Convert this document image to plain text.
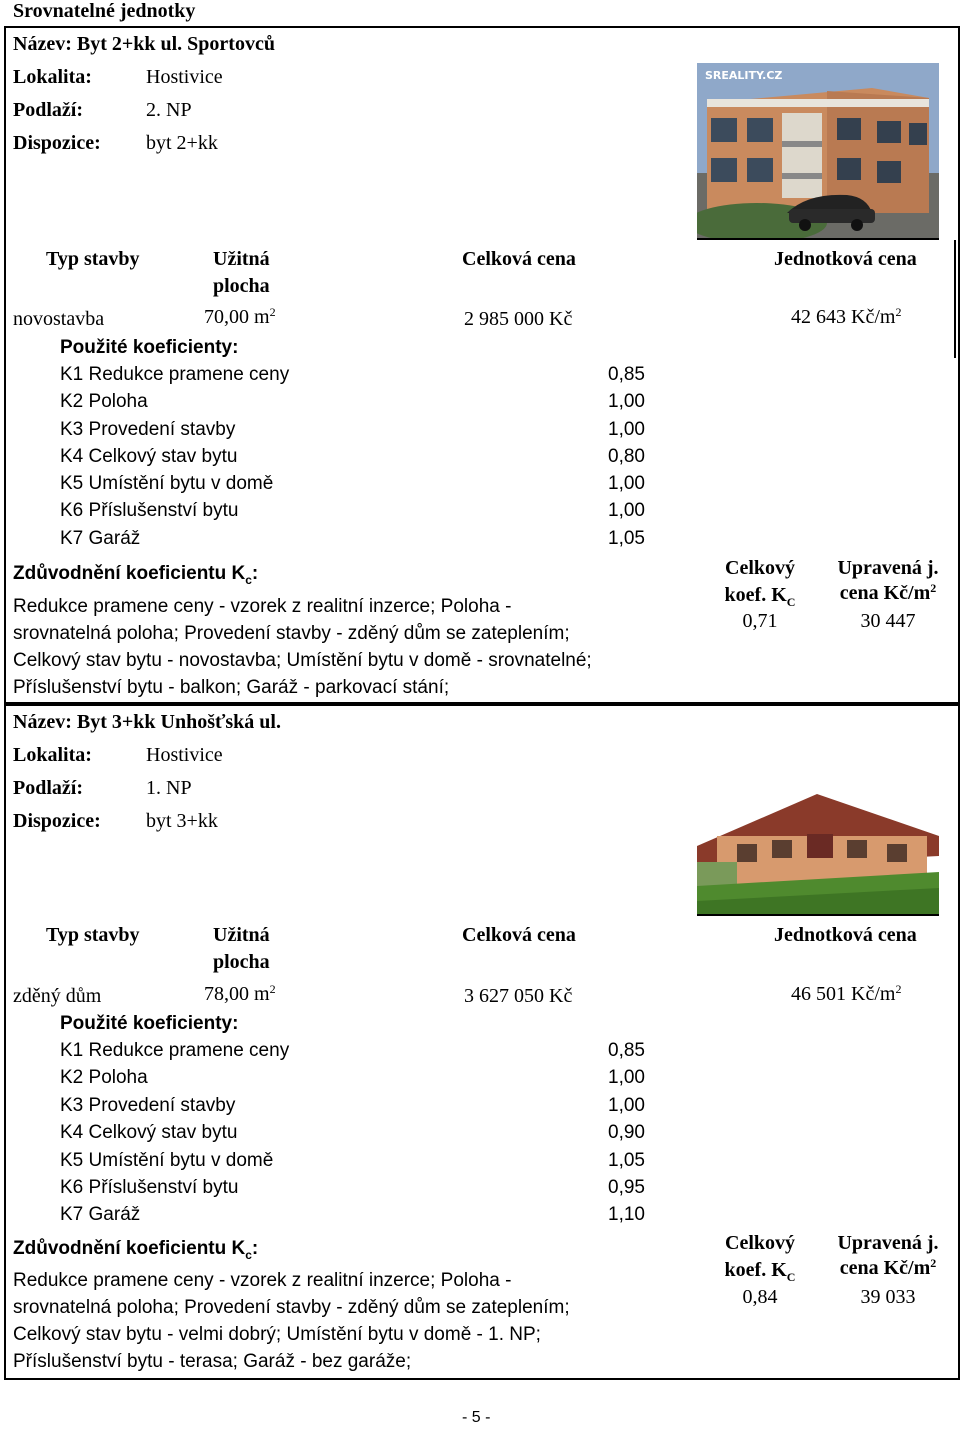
Srovnatelné jednotky
Název: Byt 2+kk ul. Sportovců
Lokalita:	Hostivice
Podlaží:	2. NP
Dispozice: byt 2+kk
SREALITY.CZ
Typ stavby	Užitná
plocha
Celková cena	Jednotková cena
novostavba	70,00 $m^2$	2 985 000 Kč	42 643 $Kč/m^2$
Použité koeficienty:
K1 Redukce pramene ceny	0,85
K2 Poloha	1,00
K3 Provedení stavby	1,00
K4 Celkový stav bytu	0,80
K5 Umístění bytu v domě	1,00
K6 Příslušenství bytu	1,00
K7 Garáž	1,05
Zdůvodnění koeficientu $K_c$:
Redukce pramene ceny - vzorek z realitní inzerce; Poloha -
srovnatelná poloha; Provedení stavby - zděný dům se zateplením;
Celkový stav bytu - novostavba; Umístění bytu v domě - srovnatelné;
Příslušenství bytu - balkon; Garáž - parkovací stání;
Celkový
koef. $K_C$
0,71
Upravená j.
cena $Kč/m^2$
30 447
Název: Byt 3+kk Unhošťská ul.
Lokalita:	Hostivice
Podlaží:	1. NP
Dispozice: byt 3+kk
Typ stavby	Užitná
plocha
Celková cena	Jednotková cena
zděný dům	78,00 $m^2$	3 627 050 Kč	46 501 $Kč/m^2$
Použité koeficienty:
K1 Redukce pramene ceny	0,85
K2 Poloha	1,00
K3 Provedení stavby	1,00
K4 Celkový stav bytu	0,90
K5 Umístění bytu v domě	1,05
K6 Příslušenství bytu	0,95
K7 Garáž	1,10
Zdůvodnění koeficientu $K_c$:
Redukce pramene ceny - vzorek z realitní inzerce; Poloha -
srovnatelná poloha; Provedení stavby - zděný dům se zateplením;
Celkový stav bytu - velmi dobrý; Umístění bytu v domě - 1. NP;
Příslušenství bytu - terasa; Garáž - bez garáže;
Celkový
koef. $K_C$
0,84
Upravená j.
cena $Kč/m^2$
39 033
- 5 -
